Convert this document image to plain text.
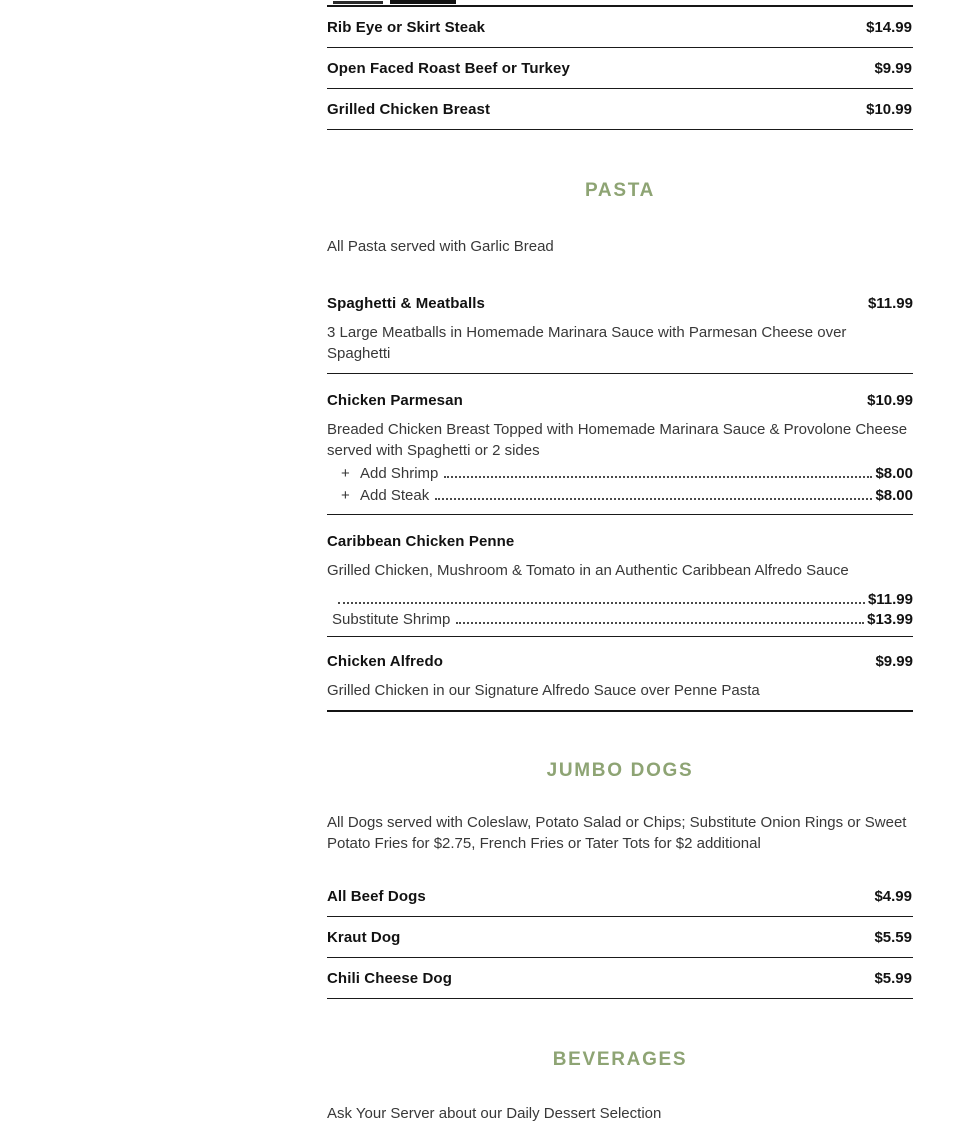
Rib Eye or Skirt Steak	$14.99
Open Faced Roast Beef or Turkey	$9.99
Grilled Chicken Breast	$10.99
PASTA

All Pasta served with Garlic Bread

Spaghetti & Meatballs	$11.99

3 Large Meatballs in Homemade Marinara Sauce with Parmesan Cheese over Spaghetti

Chicken Parmesan	$10.99

Breaded Chicken Breast Topped with Homemade Marinara Sauce & Provolone Cheese served with Spaghetti or 2 sides

+ Add Shrimp	$8.00
+ Add Steak	$8.00
Caribbean Chicken Penne

Grilled Chicken, Mushroom & Tomato in an Authentic Caribbean Alfredo Sauce

$11.99
Substitute Shrimp	$13.99
Chicken Alfredo	$9.99

Grilled Chicken in our Signature Alfredo Sauce over Penne Pasta

JUMBO DOGS

All Dogs served with Coleslaw, Potato Salad or Chips; Substitute Onion Rings or Sweet Potato Fries for $2.75, French Fries or Tater Tots for $2 additional

All Beef Dogs	$4.99
Kraut Dog	$5.59
Chili Cheese Dog	$5.99
BEVERAGES

Ask Your Server about our Daily Dessert Selection
